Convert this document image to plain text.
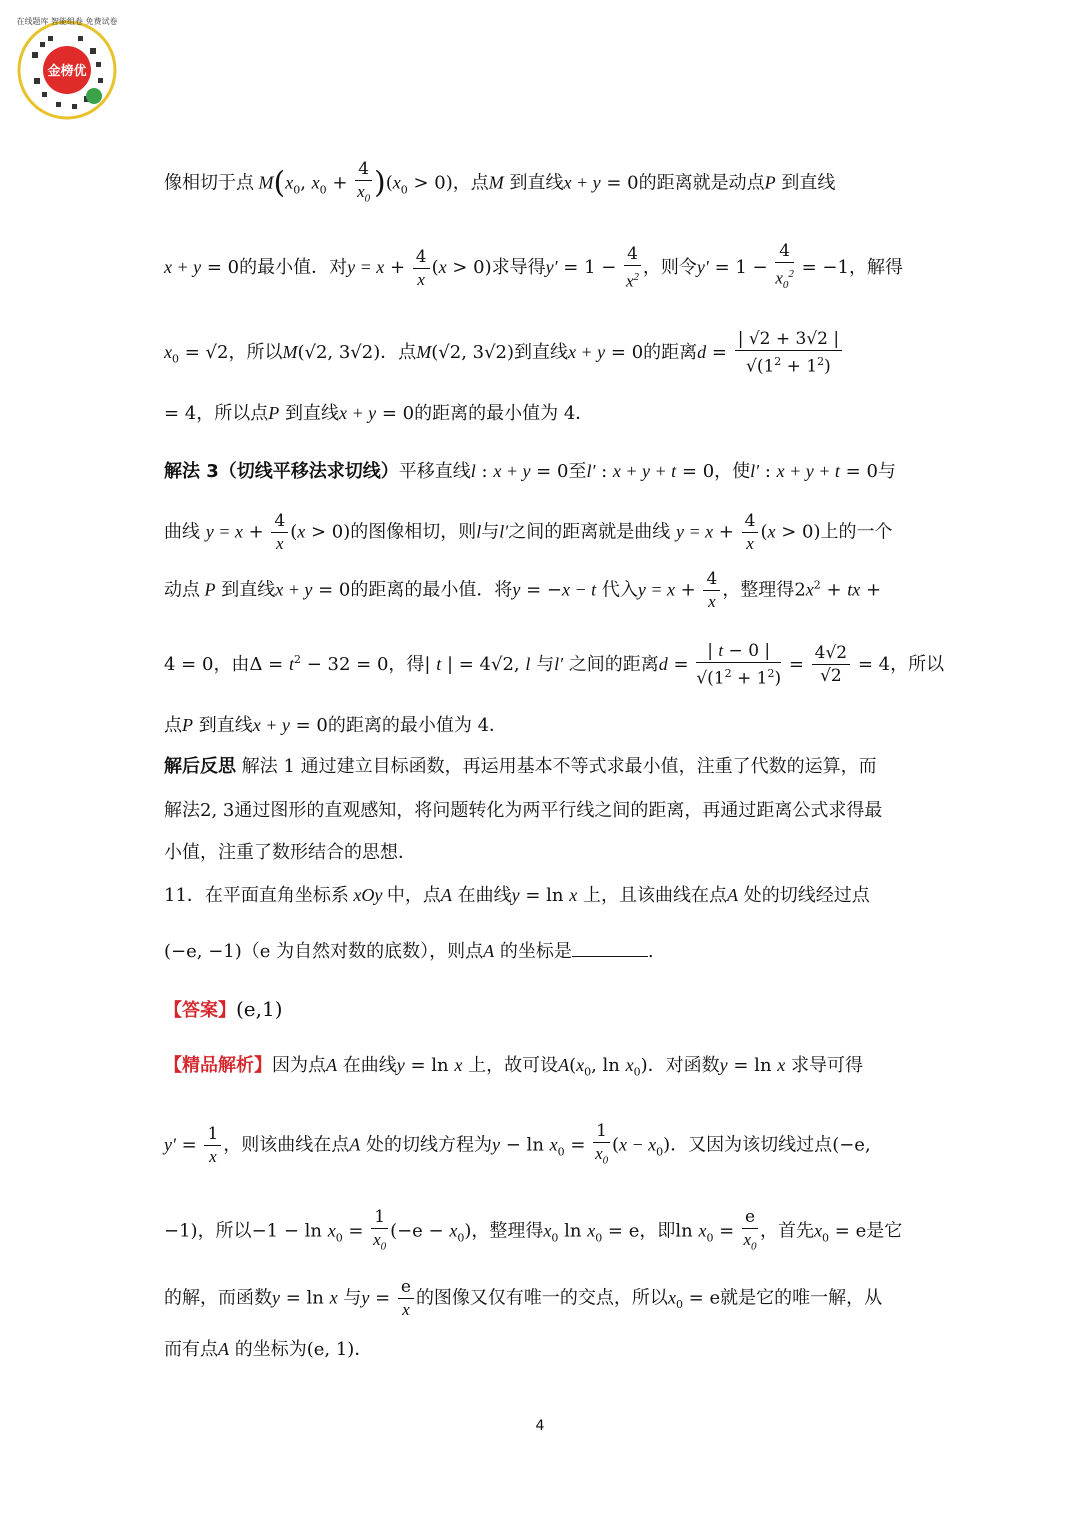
金榜优
在线题库 智能组卷 免费试卷
像相切于点 $M(x_0$, $x_0 + \frac{4}{x_0} )(x_0 > 0)$，点M 到直线x + y = 0的距离就是动点P 到直线
x + y = 0的最小值．对$y = x + \frac{4}{x} (x > 0)$求导得$y' = 1 - \frac{4}{x^2}$ ，则令$y' = 1 - \frac{4}{x_0^2} = -1$，解得
$x_0 = √2$，所以M(√2, 3√2)．点M(√2, 3√2)到直线x + y = 0的距离$d = \frac{| √2 + 3√2 |}{√(1^2 + 1^2)}$
= 4，所以点P 到直线x + y = 0的距离的最小值为 4．
解法 3（切线平移法求切线）平移直线l : x + y = 0至l′ : x + y + t = 0，使l′ : x + y + t = 0与
曲线 $y = x + \frac{4}{x} (x > 0)$的图像相切，则l与l′之间的距离就是曲线 $y = x + \frac{4}{x} (x > 0)$上的一个
动点 P 到直线x + y = 0的距离的最小值．将y = −x − t 代入$y = x + \frac{4}{x}$ ，整理得$2x^2$ + tx +
4 = 0，由$\Delta = t^2 - 32 = 0$，得| t | = 4√2, l 与l′ 之间的距离$d = \frac{| t - 0 |}{√(1^2 + 1^2)} = \frac{4√2}{√2} = 4$，所以
点P 到直线x + y = 0的距离的最小值为 4．
解后反思 解法 1 通过建立目标函数，再运用基本不等式求最小值，注重了代数的运算，而
解法2, 3通过图形的直观感知，将问题转化为两平行线之间的距离，再通过距离公式求得最
小值，注重了数形结合的思想．
11．在平面直角坐标系 xOy 中，点A 在曲线y = ln x 上，且该曲线在点A 处的切线经过点
(−e, −1)（e 为自然对数的底数），则点A 的坐标是	.
【答案】(e,1)
【精品解析】因为点A 在曲线y = ln x 上，故可设$A(x_0$, $\ln x_0$)．对函数y = ln x 求导可得
$y' = \frac{1}{x}$ ，则该曲线在点A 处的切线方程为$y - \ln x_0 = \frac{1}{x_0} (x - x_0)$．又因为该切线过点(−e,
−1)，所以$-1 - \ln x_0 = \frac{1}{x_0} (-e - x_0)$，整理得$x_0$ $\ln x_0 = e$，即$\ln x_0 = \frac{e}{x_0}$ ，首先$x_0 = e$是它
的解，而函数y = ln x 与$y = \frac{e}{x}$ 的图像又仅有唯一的交点，所以$x_0 = e$就是它的唯一解，从
而有点A 的坐标为(e, 1)．
4
